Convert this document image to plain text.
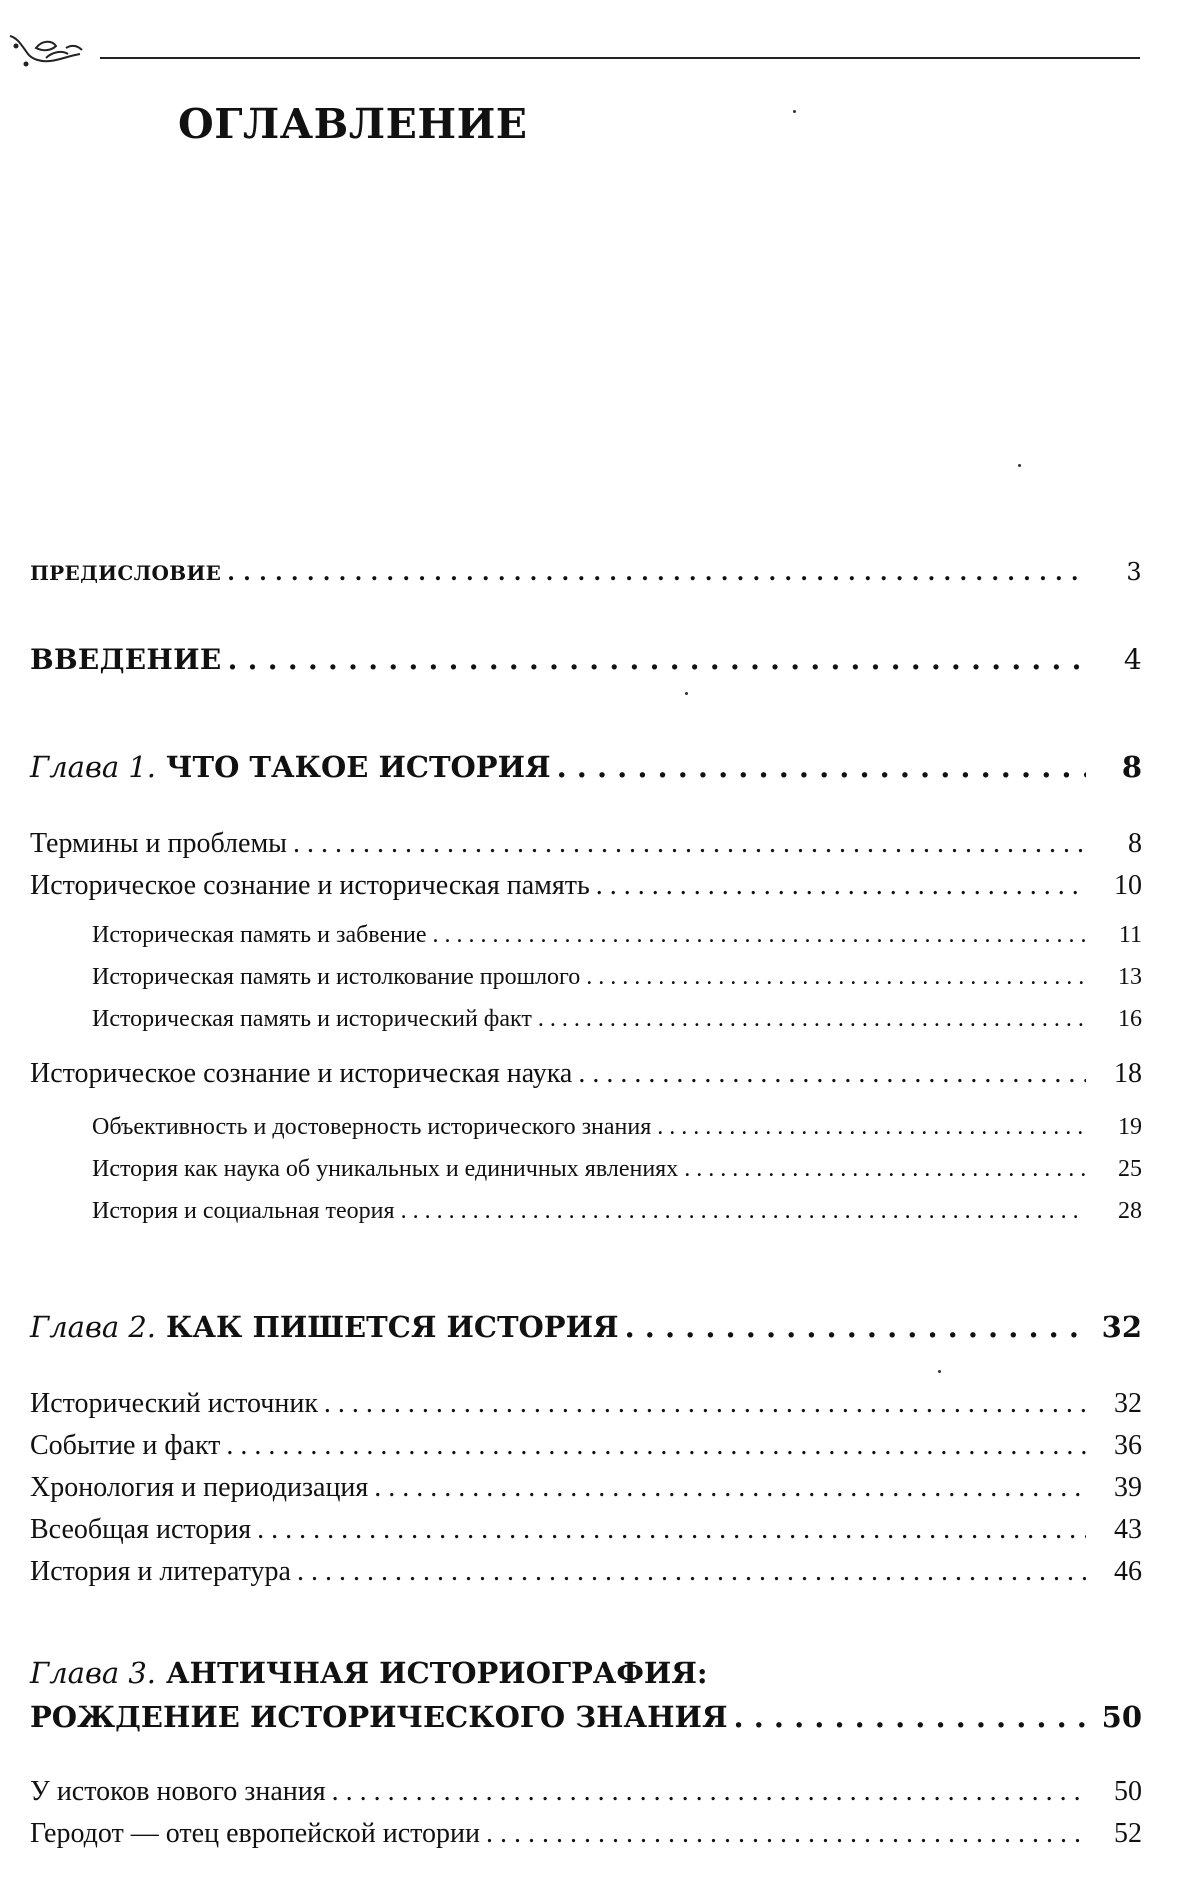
ОГЛАВЛЕНИЕ
ПРЕДИСЛОВИЕ . . .	3
ВВЕДЕНИЕ . . .	4
Глава 1. ЧТО ТАКОЕ ИСТОРИЯ . . .	8
Термины и проблемы . . .	8
Историческое сознание и историческая память . . .	10
Историческая память и забвение . . .	11
Историческая память и истолкование прошлого . . .	13
Историческая память и исторический факт . . .	16
Историческое сознание и историческая наука . . .	18
Объективность и достоверность исторического знания . . .	19
История как наука об уникальных и единичных явлениях . . .	25
История и социальная теория . . .	28
Глава 2. КАК ПИШЕТСЯ ИСТОРИЯ . . .	32
Исторический источник . . .	32
Событие и факт . . .	36
Хронология и периодизация . . .	39
Всеобщая история . . .	43
История и литература . . .	46
Глава 3. АНТИЧНАЯ ИСТОРИОГРАФИЯ:
РОЖДЕНИЕ ИСТОРИЧЕСКОГО ЗНАНИЯ . . .	50
У истоков нового знания . . .	50
Геродот — отец европейской истории . . .	52
